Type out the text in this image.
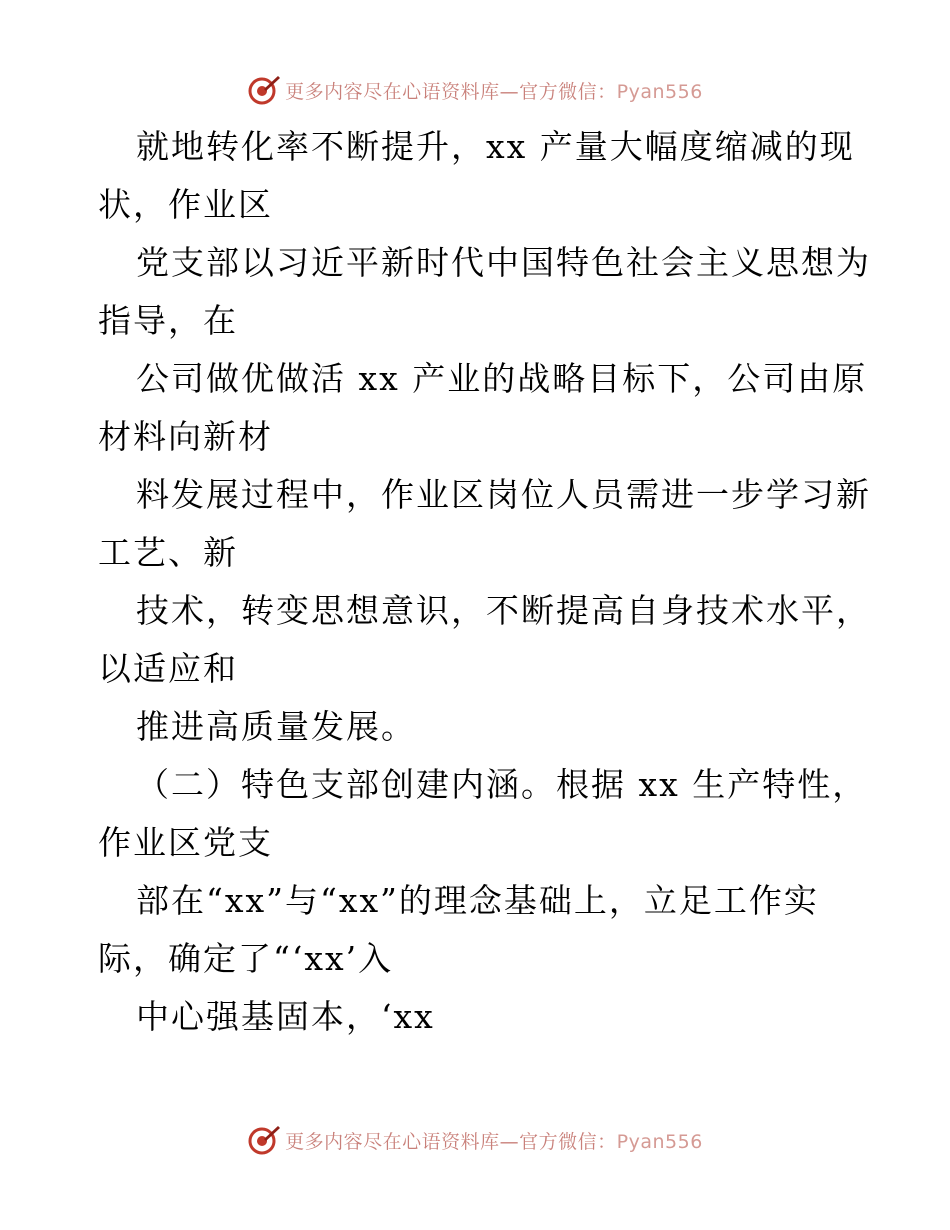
更多内容尽在心语资料库—官方微信：Pyan556
就地转化率不断提升，xx 产量大幅度缩减的现
状，作业区
党支部以习近平新时代中国特色社会主义思想为
指导，在
公司做优做活 xx 产业的战略目标下，公司由原
材料向新材
料发展过程中，作业区岗位人员需进一步学习新
工艺、新
技术，转变思想意识，不断提高自身技术水平，
以适应和
推进高质量发展。
（二）特色支部创建内涵。根据 xx 生产特性，
作业区党支
部在“xx”与“xx”的理念基础上，立足工作实
际，确定了“‘xx’入
中心强基固本，‘xx
更多内容尽在心语资料库—官方微信：Pyan556
